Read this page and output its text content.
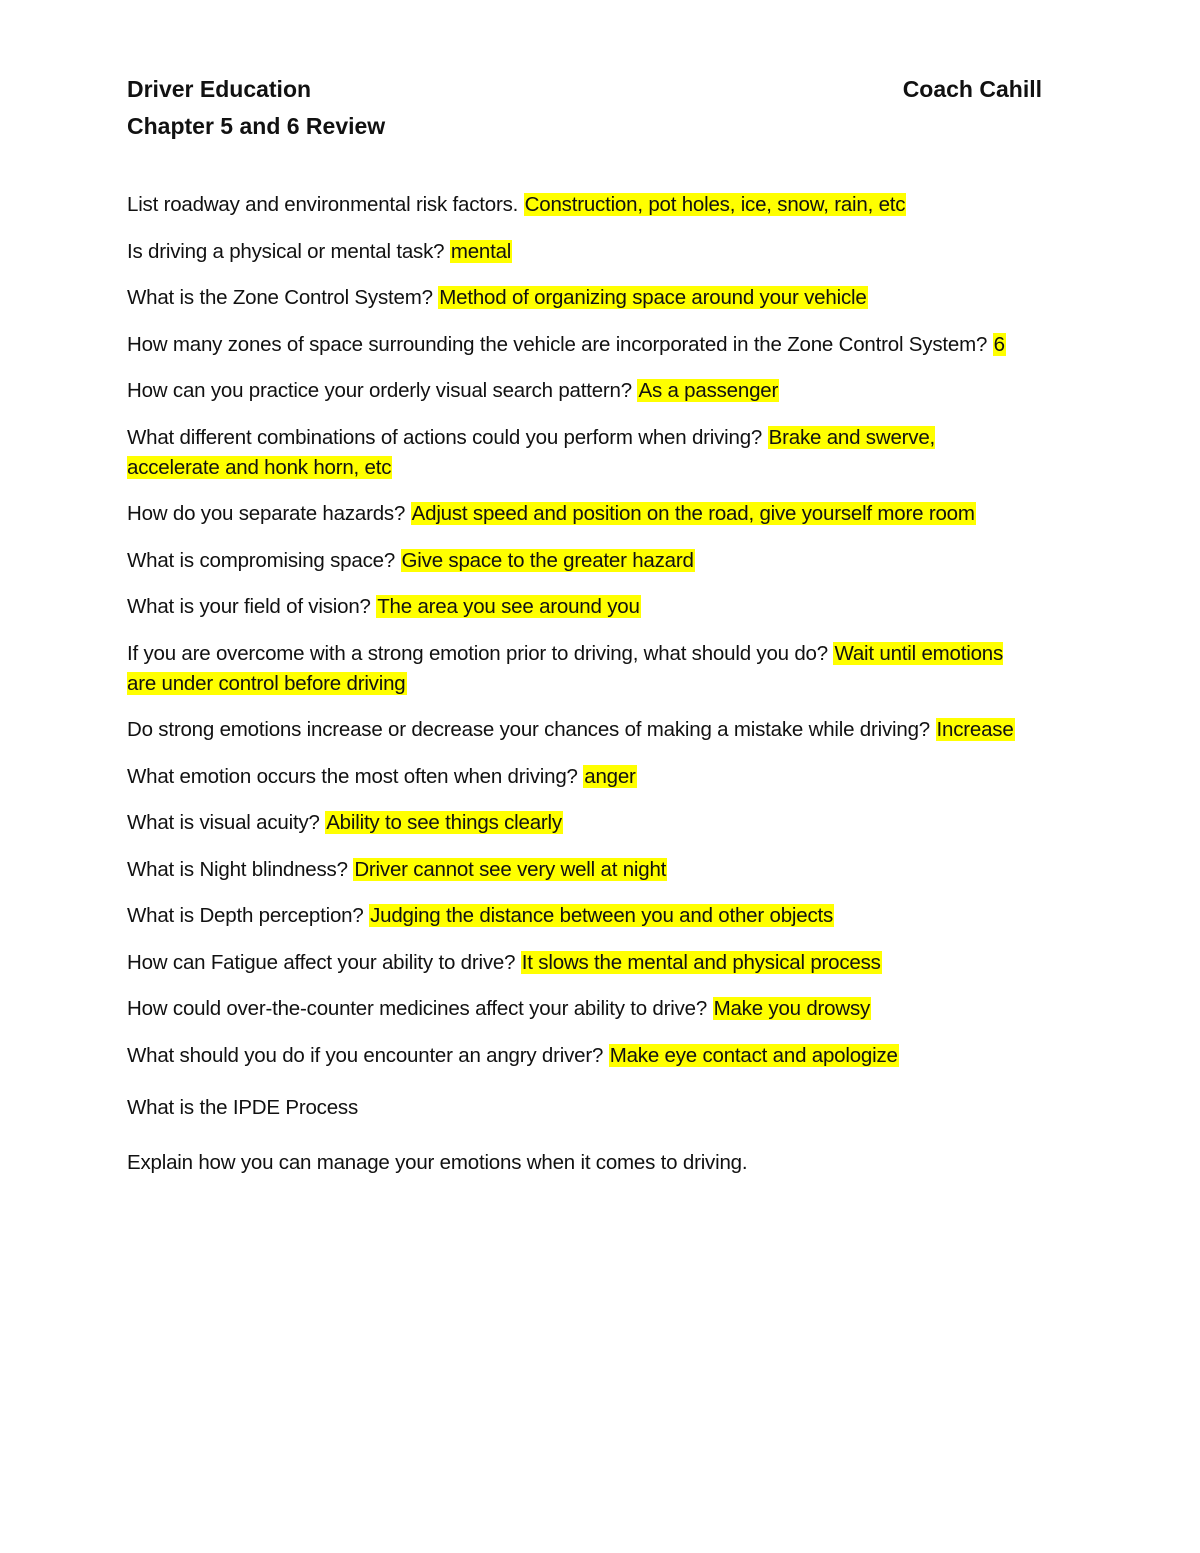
Driver Education	Coach Cahill
Chapter 5 and 6 Review
List roadway and environmental risk factors. Construction, pot holes, ice, snow, rain, etc
Is driving a physical or mental task? mental
What is the Zone Control System? Method of organizing space around your vehicle
How many zones of space surrounding the vehicle are incorporated in the Zone Control System? 6
How can you practice your orderly visual search pattern? As a passenger
What different combinations of actions could you perform when driving? Brake and swerve, accelerate and honk horn, etc
How do you separate hazards? Adjust speed and position on the road, give yourself more room
What is compromising space? Give space to the greater hazard
What is your field of vision? The area you see around you
If you are overcome with a strong emotion prior to driving, what should you do? Wait until emotions are under control before driving
Do strong emotions increase or decrease your chances of making a mistake while driving? Increase
What emotion occurs the most often when driving? anger
What is visual acuity? Ability to see things clearly
What is Night blindness? Driver cannot see very well at night
What is Depth perception? Judging the distance between you and other objects
How can Fatigue affect your ability to drive? It slows the mental and physical process
How could over-the-counter medicines affect your ability to drive? Make you drowsy
What should you do if you encounter an angry driver? Make eye contact and apologize
What is the IPDE Process
Explain how you can manage your emotions when it comes to driving.
